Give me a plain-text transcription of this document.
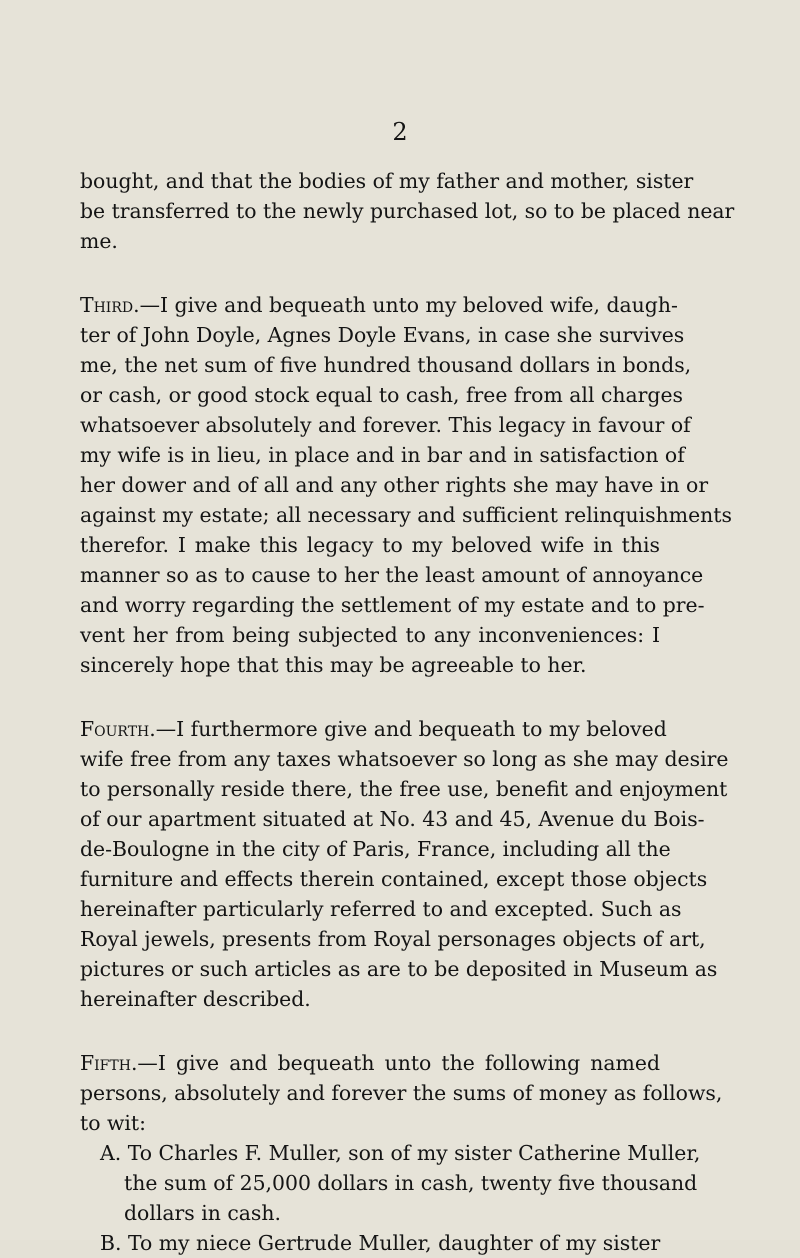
2
bought, and that the bodies of my father and mother, sister
be transferred to the newly purchased lot, so to be placed near
me.
Third.—I give and bequeath unto my beloved wife, daugh-
ter of John Doyle, Agnes Doyle Evans, in case she survives
me, the net sum of five hundred thousand dollars in bonds,
or cash, or good stock equal to cash, free from all charges
whatsoever absolutely and forever. This legacy in favour of
my wife is in lieu, in place and in bar and in satisfaction of
her dower and of all and any other rights she may have in or
against my estate; all necessary and sufficient relinquishments
therefor. I make this legacy to my beloved wife in this
manner so as to cause to her the least amount of annoyance
and worry regarding the settlement of my estate and to pre-
vent her from being subjected to any inconveniences: I
sincerely hope that this may be agreeable to her.
Fourth.—I furthermore give and bequeath to my beloved
wife free from any taxes whatsoever so long as she may desire
to personally reside there, the free use, benefit and enjoyment
of our apartment situated at No. 43 and 45, Avenue du Bois-
de-Boulogne in the city of Paris, France, including all the
furniture and effects therein contained, except those objects
hereinafter particularly referred to and excepted. Such as
Royal jewels, presents from Royal personages objects of art,
pictures or such articles as are to be deposited in Museum as
hereinafter described.
Fifth.—I give and bequeath unto the following named
persons, absolutely and forever the sums of money as follows,
to wit:
A. To Charles F. Muller, son of my sister Catherine Muller,
the sum of 25,000 dollars in cash, twenty five thousand
dollars in cash.
B. To my niece Gertrude Muller, daughter of my sister
